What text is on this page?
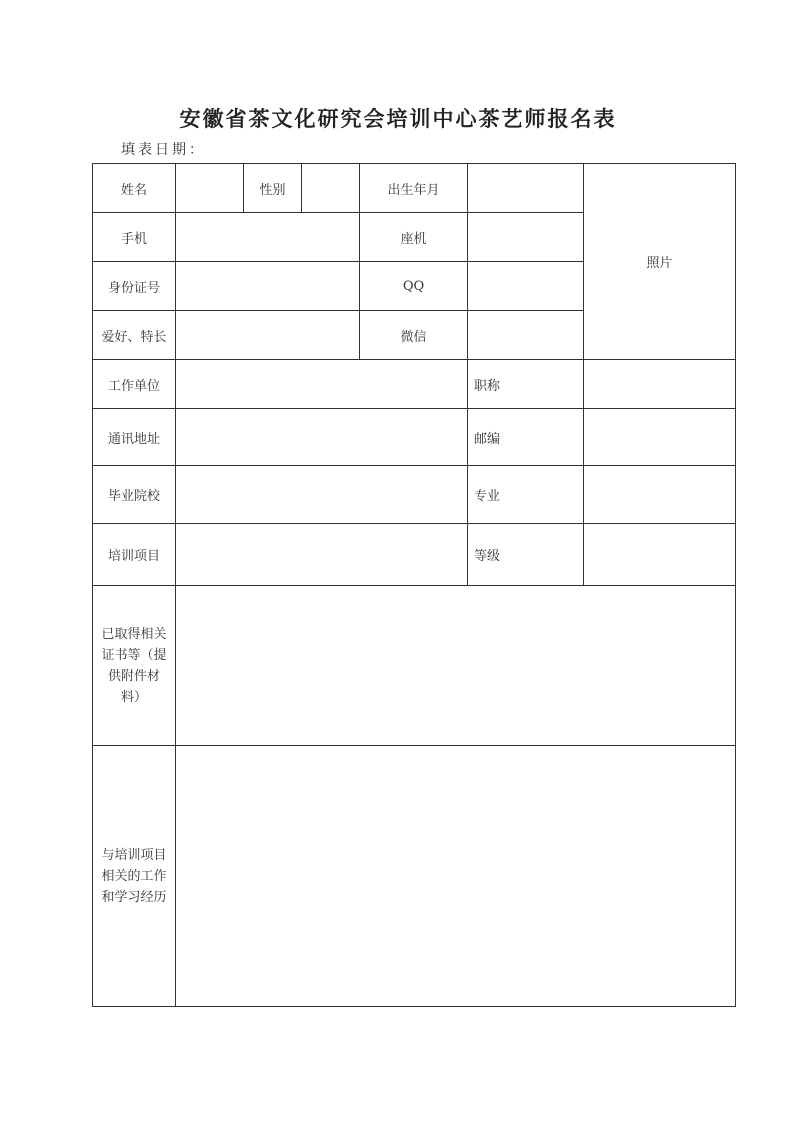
安徽省茶文化研究会培训中心茶艺师报名表
填表日期：
姓名		性别		出生年月		照片
手机				座机		
身份证号				QQ		
爱好、特长				微信		
工作单位					职称	
通讯地址					邮编	
毕业院校					专业	
培训项目					等级	

已取得相关
证书等（提
供附件材
料）						

与培训项目
相关的工作
和学习经历						
